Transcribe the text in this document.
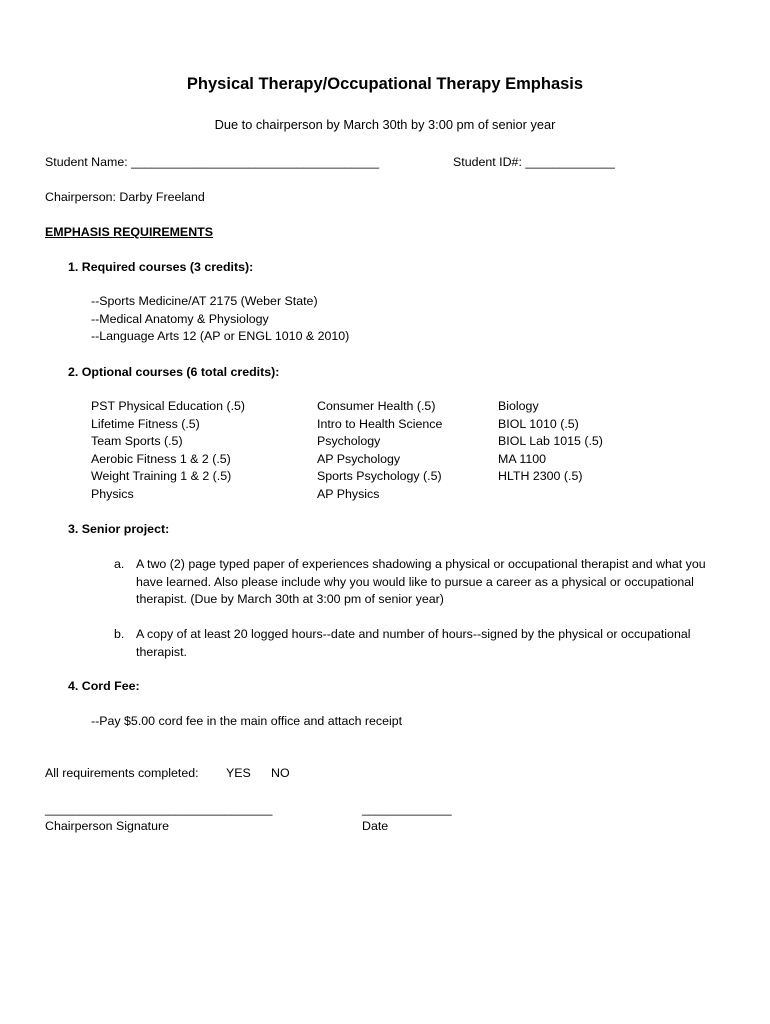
Physical Therapy/Occupational Therapy Emphasis
Due to chairperson by March 30th by 3:00 pm of senior year
Student Name: ____________________________________	Student ID#: _____________
Chairperson: Darby Freeland
EMPHASIS REQUIREMENTS
1. Required courses (3 credits):
--Sports Medicine/AT 2175 (Weber State)
--Medical Anatomy & Physiology
--Language Arts 12 (AP or ENGL 1010 & 2010)
2. Optional courses (6 total credits):
PST Physical Education (.5)
Lifetime Fitness (.5)
Team Sports (.5)
Aerobic Fitness 1 & 2 (.5)
Weight Training 1 & 2 (.5)
Physics
Consumer Health (.5)
Intro to Health Science
Psychology
AP Psychology
Sports Psychology (.5)
AP Physics
Biology
BIOL 1010 (.5)
BIOL Lab 1015 (.5)
MA 1100
HLTH 2300 (.5)
3. Senior project:
a. A two (2) page typed paper of experiences shadowing a physical or occupational therapist and what you
have learned. Also please include why you would like to pursue a career as a physical or occupational
therapist. (Due by March 30th at 3:00 pm of senior year)
b. A copy of at least 20 logged hours--date and number of hours--signed by the physical or occupational
therapist.
4. Cord Fee:
--Pay $5.00 cord fee in the main office and attach receipt
All requirements completed: YES NO
_________________________________
Chairperson Signature
_____________
Date
